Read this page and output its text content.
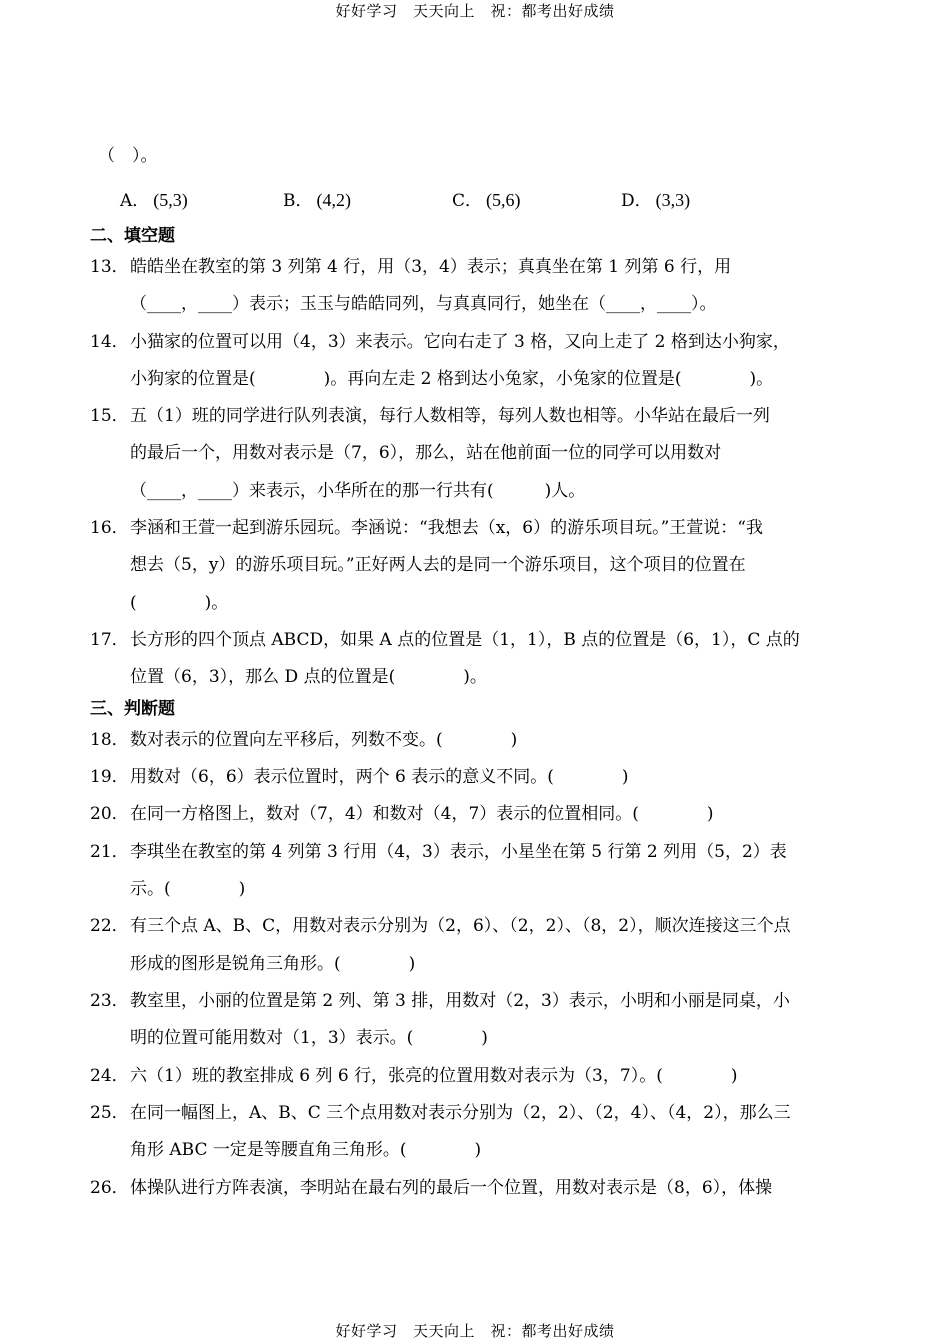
好好学习　天天向上　祝：都考出好成绩
（　）。
A． (5,3)	B． (4,2)	C． (5,6)	D． (3,3)
二、填空题
13．皓皓坐在教室的第 3 列第 4 行，用（3，4）表示；真真坐在第 1 列第 6 行，用
（____，____）表示；玉玉与皓皓同列，与真真同行，她坐在（____，____）。
14．小猫家的位置可以用（4，3）来表示。它向右走了 3 格，又向上走了 2 格到达小狗家，
小狗家的位置是(　　　　)。再向左走 2 格到达小兔家，小兔家的位置是(　　　　)。
15．五（1）班的同学进行队列表演，每行人数相等，每列人数也相等。小华站在最后一列
的最后一个，用数对表示是（7，6），那么，站在他前面一位的同学可以用数对
（____，____）来表示，小华所在的那一行共有(　　　)人。
16．李涵和王萱一起到游乐园玩。李涵说：“我想去（x，6）的游乐项目玩。”王萱说：“我
想去（5，y）的游乐项目玩。”正好两人去的是同一个游乐项目，这个项目的位置在
(　　　　)。
17．长方形的四个顶点 ABCD，如果 A 点的位置是（1，1），B 点的位置是（6，1），C 点的
位置（6，3），那么 D 点的位置是(　　　　)。
三、判断题
18．数对表示的位置向左平移后，列数不变。(　　　　)
19．用数对（6，6）表示位置时，两个 6 表示的意义不同。(　　　　)
20．在同一方格图上，数对（7，4）和数对（4，7）表示的位置相同。(　　　　)
21．李琪坐在教室的第 4 列第 3 行用（4，3）表示，小星坐在第 5 行第 2 列用（5，2）表
示。(　　　　)
22．有三个点 A、B、C，用数对表示分别为（2，6）、（2，2）、（8，2），顺次连接这三个点
形成的图形是锐角三角形。(　　　　)
23．教室里，小丽的位置是第 2 列、第 3 排，用数对（2，3）表示，小明和小丽是同桌，小
明的位置可能用数对（1，3）表示。(　　　　)
24．六（1）班的教室排成 6 列 6 行，张亮的位置用数对表示为（3，7）。(　　　　)
25．在同一幅图上，A、B、C 三个点用数对表示分别为（2，2）、（2，4）、（4，2），那么三
角形 ABC 一定是等腰直角三角形。(　　　　)
26．体操队进行方阵表演，李明站在最右列的最后一个位置，用数对表示是（8，6），体操
好好学习　天天向上　祝：都考出好成绩
